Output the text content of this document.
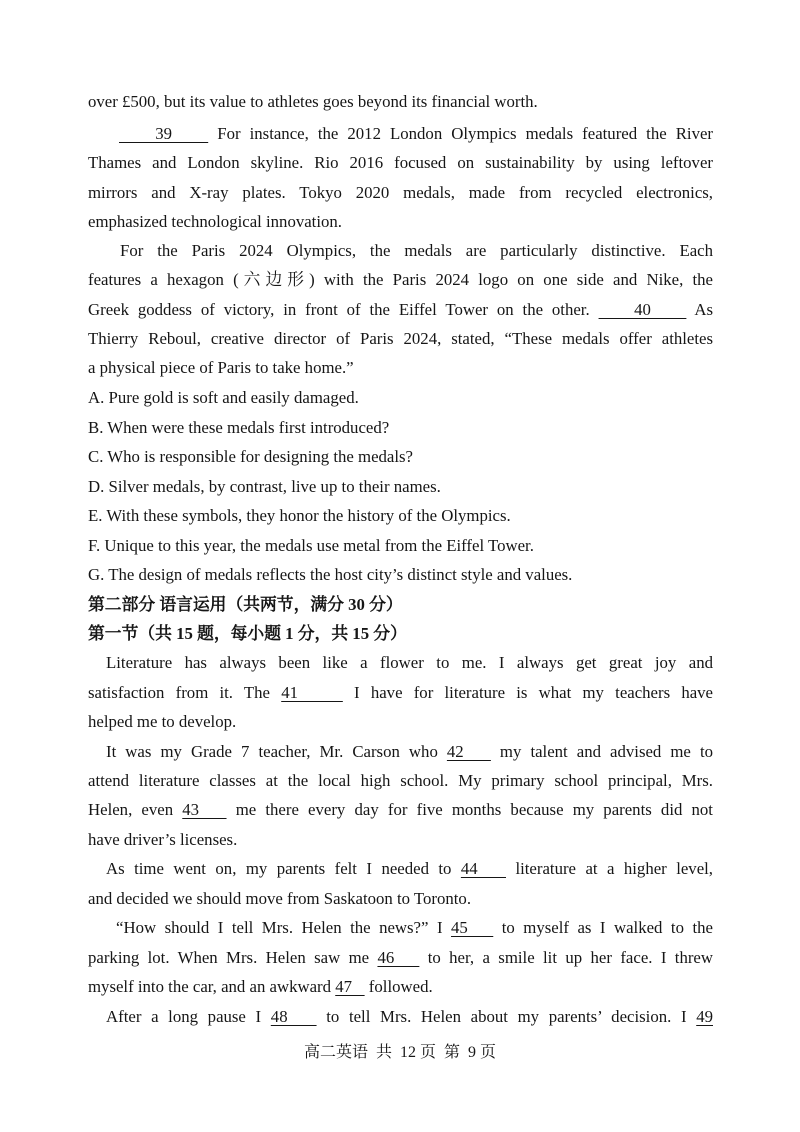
over £500, but its value to athletes goes beyond its financial worth.
39     For instance, the 2012 London Olympics medals featured the River
Thames and London skyline. Rio 2016 focused on sustainability by using leftover
mirrors and X-ray plates. Tokyo 2020 medals, made from recycled electronics,
emphasized technological innovation.
For the Paris 2024 Olympics, the medals are particularly distinctive. Each
features a hexagon (六边形) with the Paris 2024 logo on one side and Nike, the
Greek goddess of victory, in front of the Eiffel Tower on the other.     40     As
Thierry Reboul, creative director of Paris 2024, stated, “These medals offer athletes
a physical piece of Paris to take home.”
A. Pure gold is soft and easily damaged.
B. When were these medals first introduced?
C. Who is responsible for designing the medals?
D. Silver medals, by contrast, live up to their names.
E. With these symbols, they honor the history of the Olympics.
F. Unique to this year, the medals use metal from the Eiffel Tower.
G. The design of medals reflects the host city’s distinct style and values.
第二部分 语言运用（共两节，满分 30 分）
第一节（共 15 题，每小题 1 分，共 15 分）
Literature has always been like a flower to me. I always get great joy and
satisfaction from it. The 41     I have for literature is what my teachers have
helped me to develop.
It was my Grade 7 teacher, Mr. Carson who 42    my talent and advised me to
attend literature classes at the local high school. My primary school principal, Mrs.
Helen, even 43    me there every day for five months because my parents did not
have driver’s licenses.
As time went on, my parents felt I needed to 44    literature at a higher level,
and decided we should move from Saskatoon to Toronto.
“How should I tell Mrs. Helen the news?” I 45    to myself as I walked to the
parking lot. When Mrs. Helen saw me 46    to her, a smile lit up her face. I threw
myself into the car, and an awkward 47    followed.
After a long pause I 48    to tell Mrs. Helen about my parents’ decision. I 49
高二英语  共  12 页  第  9 页
